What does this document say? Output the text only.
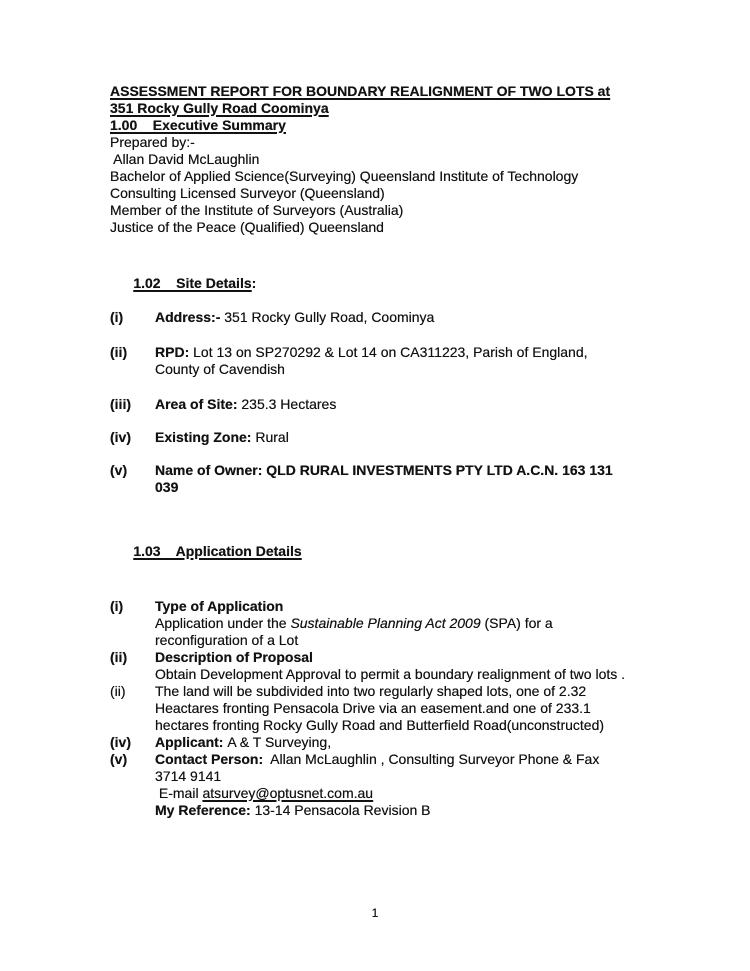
ASSESSMENT REPORT FOR BOUNDARY REALIGNMENT OF TWO LOTS at
351 Rocky Gully Road Coominya
1.00    Executive Summary
Prepared by:-
Allan David McLaughlin
Bachelor of Applied Science(Surveying) Queensland Institute of Technology
Consulting Licensed Surveyor (Queensland)
Member of the Institute of Surveyors (Australia)
Justice of the Peace (Qualified) Queensland

1.02    Site Details:

(i)	Address:- 351 Rocky Gully Road, Coominya
(ii)	RPD: Lot 13 on SP270292 & Lot 14 on CA311223, Parish of England,
County of Cavendish
(iii)	Area of Site: 235.3 Hectares
(iv)	Existing Zone: Rural
(v)	Name of Owner: QLD RURAL INVESTMENTS PTY LTD A.C.N. 163 131
039

1.03    Application Details

(i)	Type of Application
Application under the Sustainable Planning Act 2009 (SPA) for a
reconfiguration of a Lot
(ii)	Description of Proposal
Obtain Development Approval to permit a boundary realignment of two lots .
(ii)	The land will be subdivided into two regularly shaped lots, one of 2.32
Heactares fronting Pensacola Drive via an easement.and one of 233.1
hectares fronting Rocky Gully Road and Butterfield Road(unconstructed)
(iv)	Applicant: A & T Surveying,
(v)	Contact Person:  Allan McLaughlin , Consulting Surveyor Phone & Fax
3714 9141
E-mail atsurvey@optusnet.com.au
My Reference: 13-14 Pensacola Revision B
1
